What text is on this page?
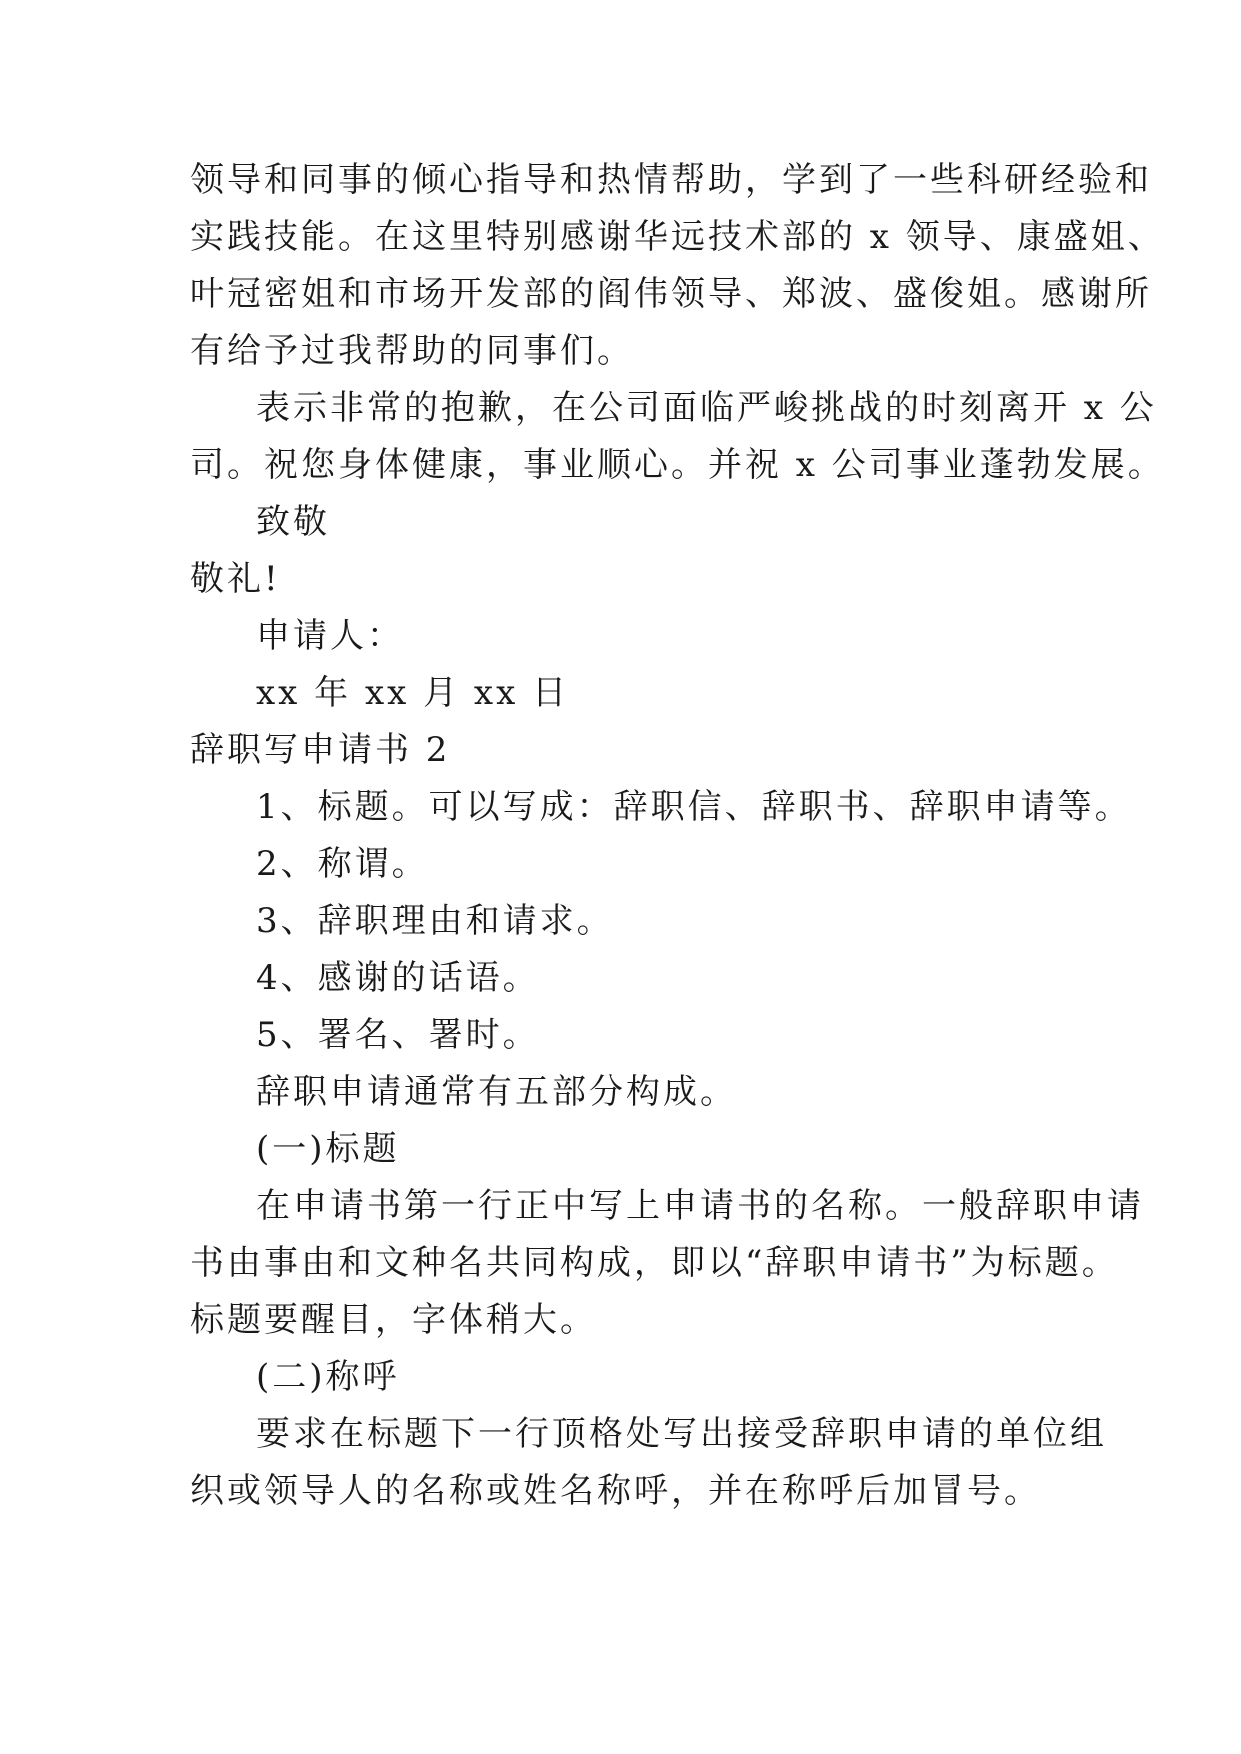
领导和同事的倾心指导和热情帮助，学到了一些科研经验和
实践技能。在这里特别感谢华远技术部的 x 领导、康盛姐、
叶冠密姐和市场开发部的阎伟领导、郑波、盛俊姐。感谢所
有给予过我帮助的同事们。
表示非常的抱歉，在公司面临严峻挑战的时刻离开 x 公
司。祝您身体健康，事业顺心。并祝 x 公司事业蓬勃发展。
致敬
敬礼!
申请人：
xx 年 xx 月 xx 日
辞职写申请书 2
1、标题。可以写成：辞职信、辞职书、辞职申请等。
2、称谓。
3、辞职理由和请求。
4、感谢的话语。
5、署名、署时。
辞职申请通常有五部分构成。
(一)标题
在申请书第一行正中写上申请书的名称。一般辞职申请
书由事由和文种名共同构成，即以“辞职申请书”为标题。
标题要醒目，字体稍大。
(二)称呼
要求在标题下一行顶格处写出接受辞职申请的单位组
织或领导人的名称或姓名称呼，并在称呼后加冒号。
